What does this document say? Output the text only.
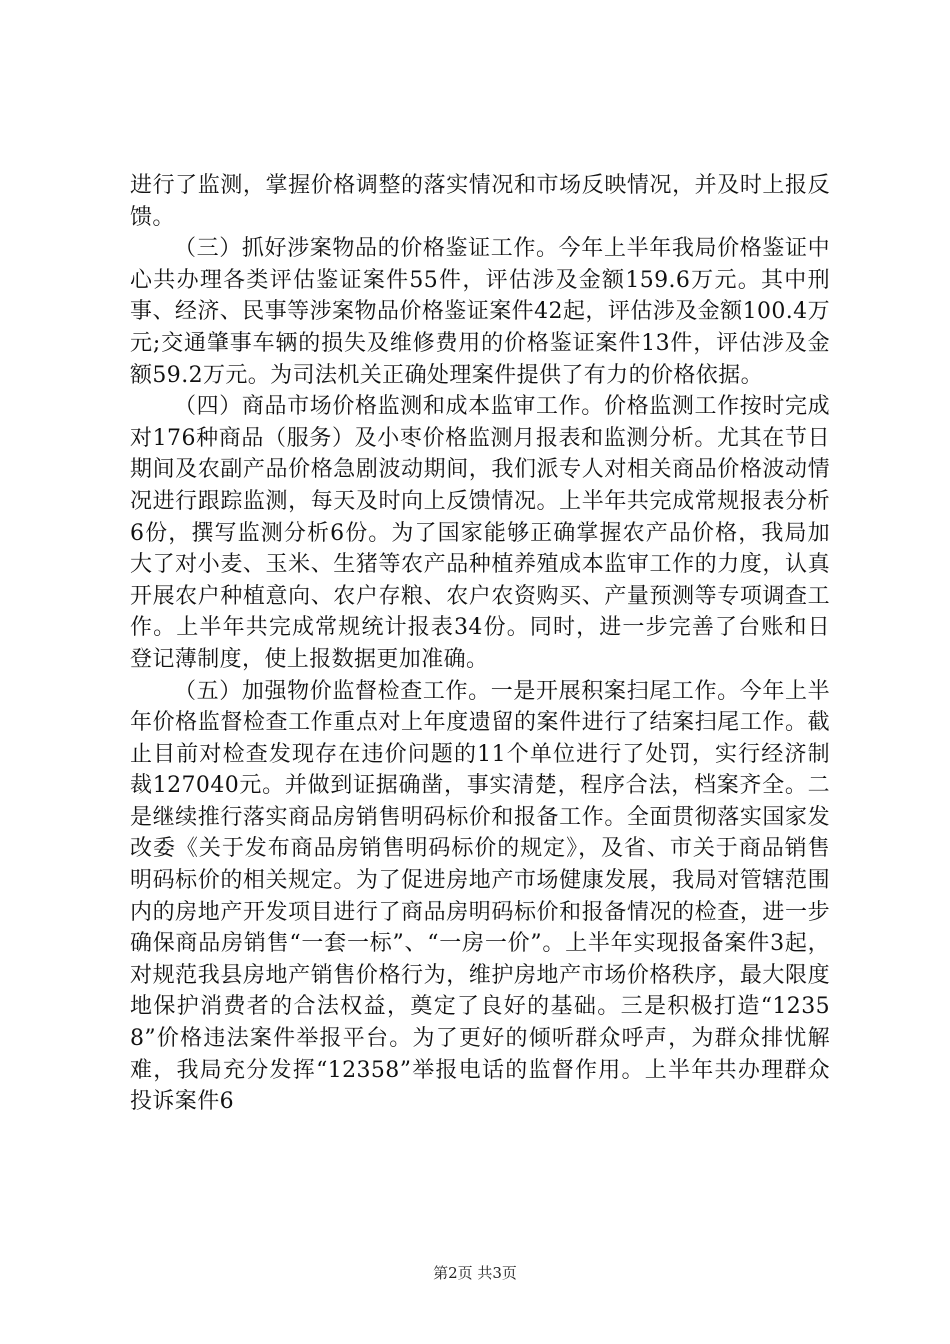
进行了监测，掌握价格调整的落实情况和市场反映情况，并及时上报反馈。

（三）抓好涉案物品的价格鉴证工作。今年上半年我局价格鉴证中心共办理各类评估鉴证案件55件，评估涉及金额159.6万元。其中刑事、经济、民事等涉案物品价格鉴证案件42起，评估涉及金额100.4万元;交通肇事车辆的损失及维修费用的价格鉴证案件13件，评估涉及金额59.2万元。为司法机关正确处理案件提供了有力的价格依据。

（四）商品市场价格监测和成本监审工作。价格监测工作按时完成对176种商品（服务）及小枣价格监测月报表和监测分析。尤其在节日期间及农副产品价格急剧波动期间，我们派专人对相关商品价格波动情况进行跟踪监测，每天及时向上反馈情况。上半年共完成常规报表分析6份，撰写监测分析6份。为了国家能够正确掌握农产品价格，我局加大了对小麦、玉米、生猪等农产品种植养殖成本监审工作的力度，认真开展农户种植意向、农户存粮、农户农资购买、产量预测等专项调查工作。上半年共完成常规统计报表34份。同时，进一步完善了台账和日登记薄制度，使上报数据更加准确。

（五）加强物价监督检查工作。一是开展积案扫尾工作。今年上半年价格监督检查工作重点对上年度遗留的案件进行了结案扫尾工作。截止目前对检查发现存在违价问题的11个单位进行了处罚，实行经济制裁127040元。并做到证据确凿，事实清楚，程序合法，档案齐全。二是继续推行落实商品房销售明码标价和报备工作。全面贯彻落实国家发改委《关于发布商品房销售明码标价的规定》，及省、市关于商品销售明码标价的相关规定。为了促进房地产市场健康发展，我局对管辖范围内的房地产开发项目进行了商品房明码标价和报备情况的检查，进一步确保商品房销售“一套一标”、“一房一价”。上半年实现报备案件3起，对规范我县房地产销售价格行为，维护房地产市场价格秩序，最大限度地保护消费者的合法权益，奠定了良好的基础。三是积极打造“12358”价格违法案件举报平台。为了更好的倾听群众呼声，为群众排忧解难，我局充分发挥“12358”举报电话的监督作用。上半年共办理群众投诉案件6

第2页 共3页
